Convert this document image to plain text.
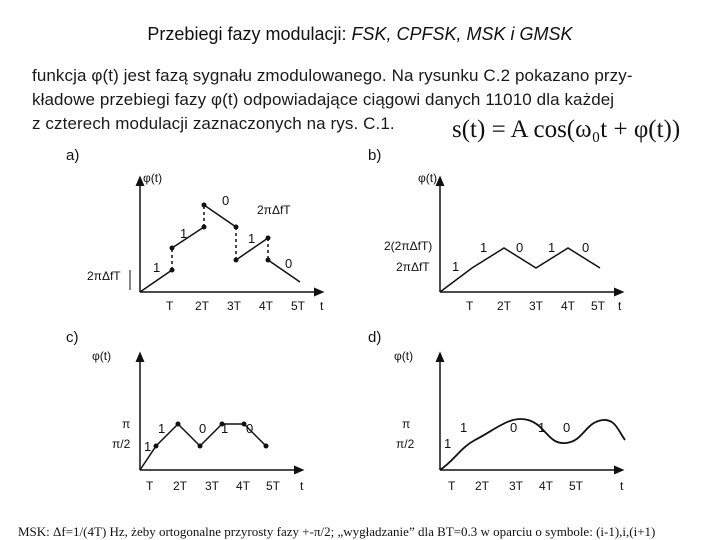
Przebiegi fazy modulacji: FSK, CPFSK, MSK i GMSK
funkcja φ(t) jest fazą sygnału zmodulowanego. Na rysunku C.2 pokazano przy-
kładowe przebiegi fazy φ(t) odpowiadające ciągowi danych 11010 dla każdej
z czterech modulacji zaznaczonych na rys. C.1.	s(t) = A cos(ω₀t + φ(t))
a)
φ(t)
t
2πΔfT
1
1
0
1
0
2πΔfT
T 2T 3T 4T 5T
b)
φ(t)
t
2(2πΔfT)
2πΔfT 1
1 0 1 0
T 2T 3T 4T 5T
c)
φ(t)
t
π
π/2 1
1	0 1 0
T 2T 3T 4T 5T
d)
φ(t)
t
π
π/2 1
1	0 1 0
T 2T 3T 4T 5T
MSK: Δf=1/(4T) Hz, żeby ortogonalne przyrosty fazy +-π/2; „wygładzanie” dla BT=0.3 w oparciu o symbole: (i-1),i,(i+1)
